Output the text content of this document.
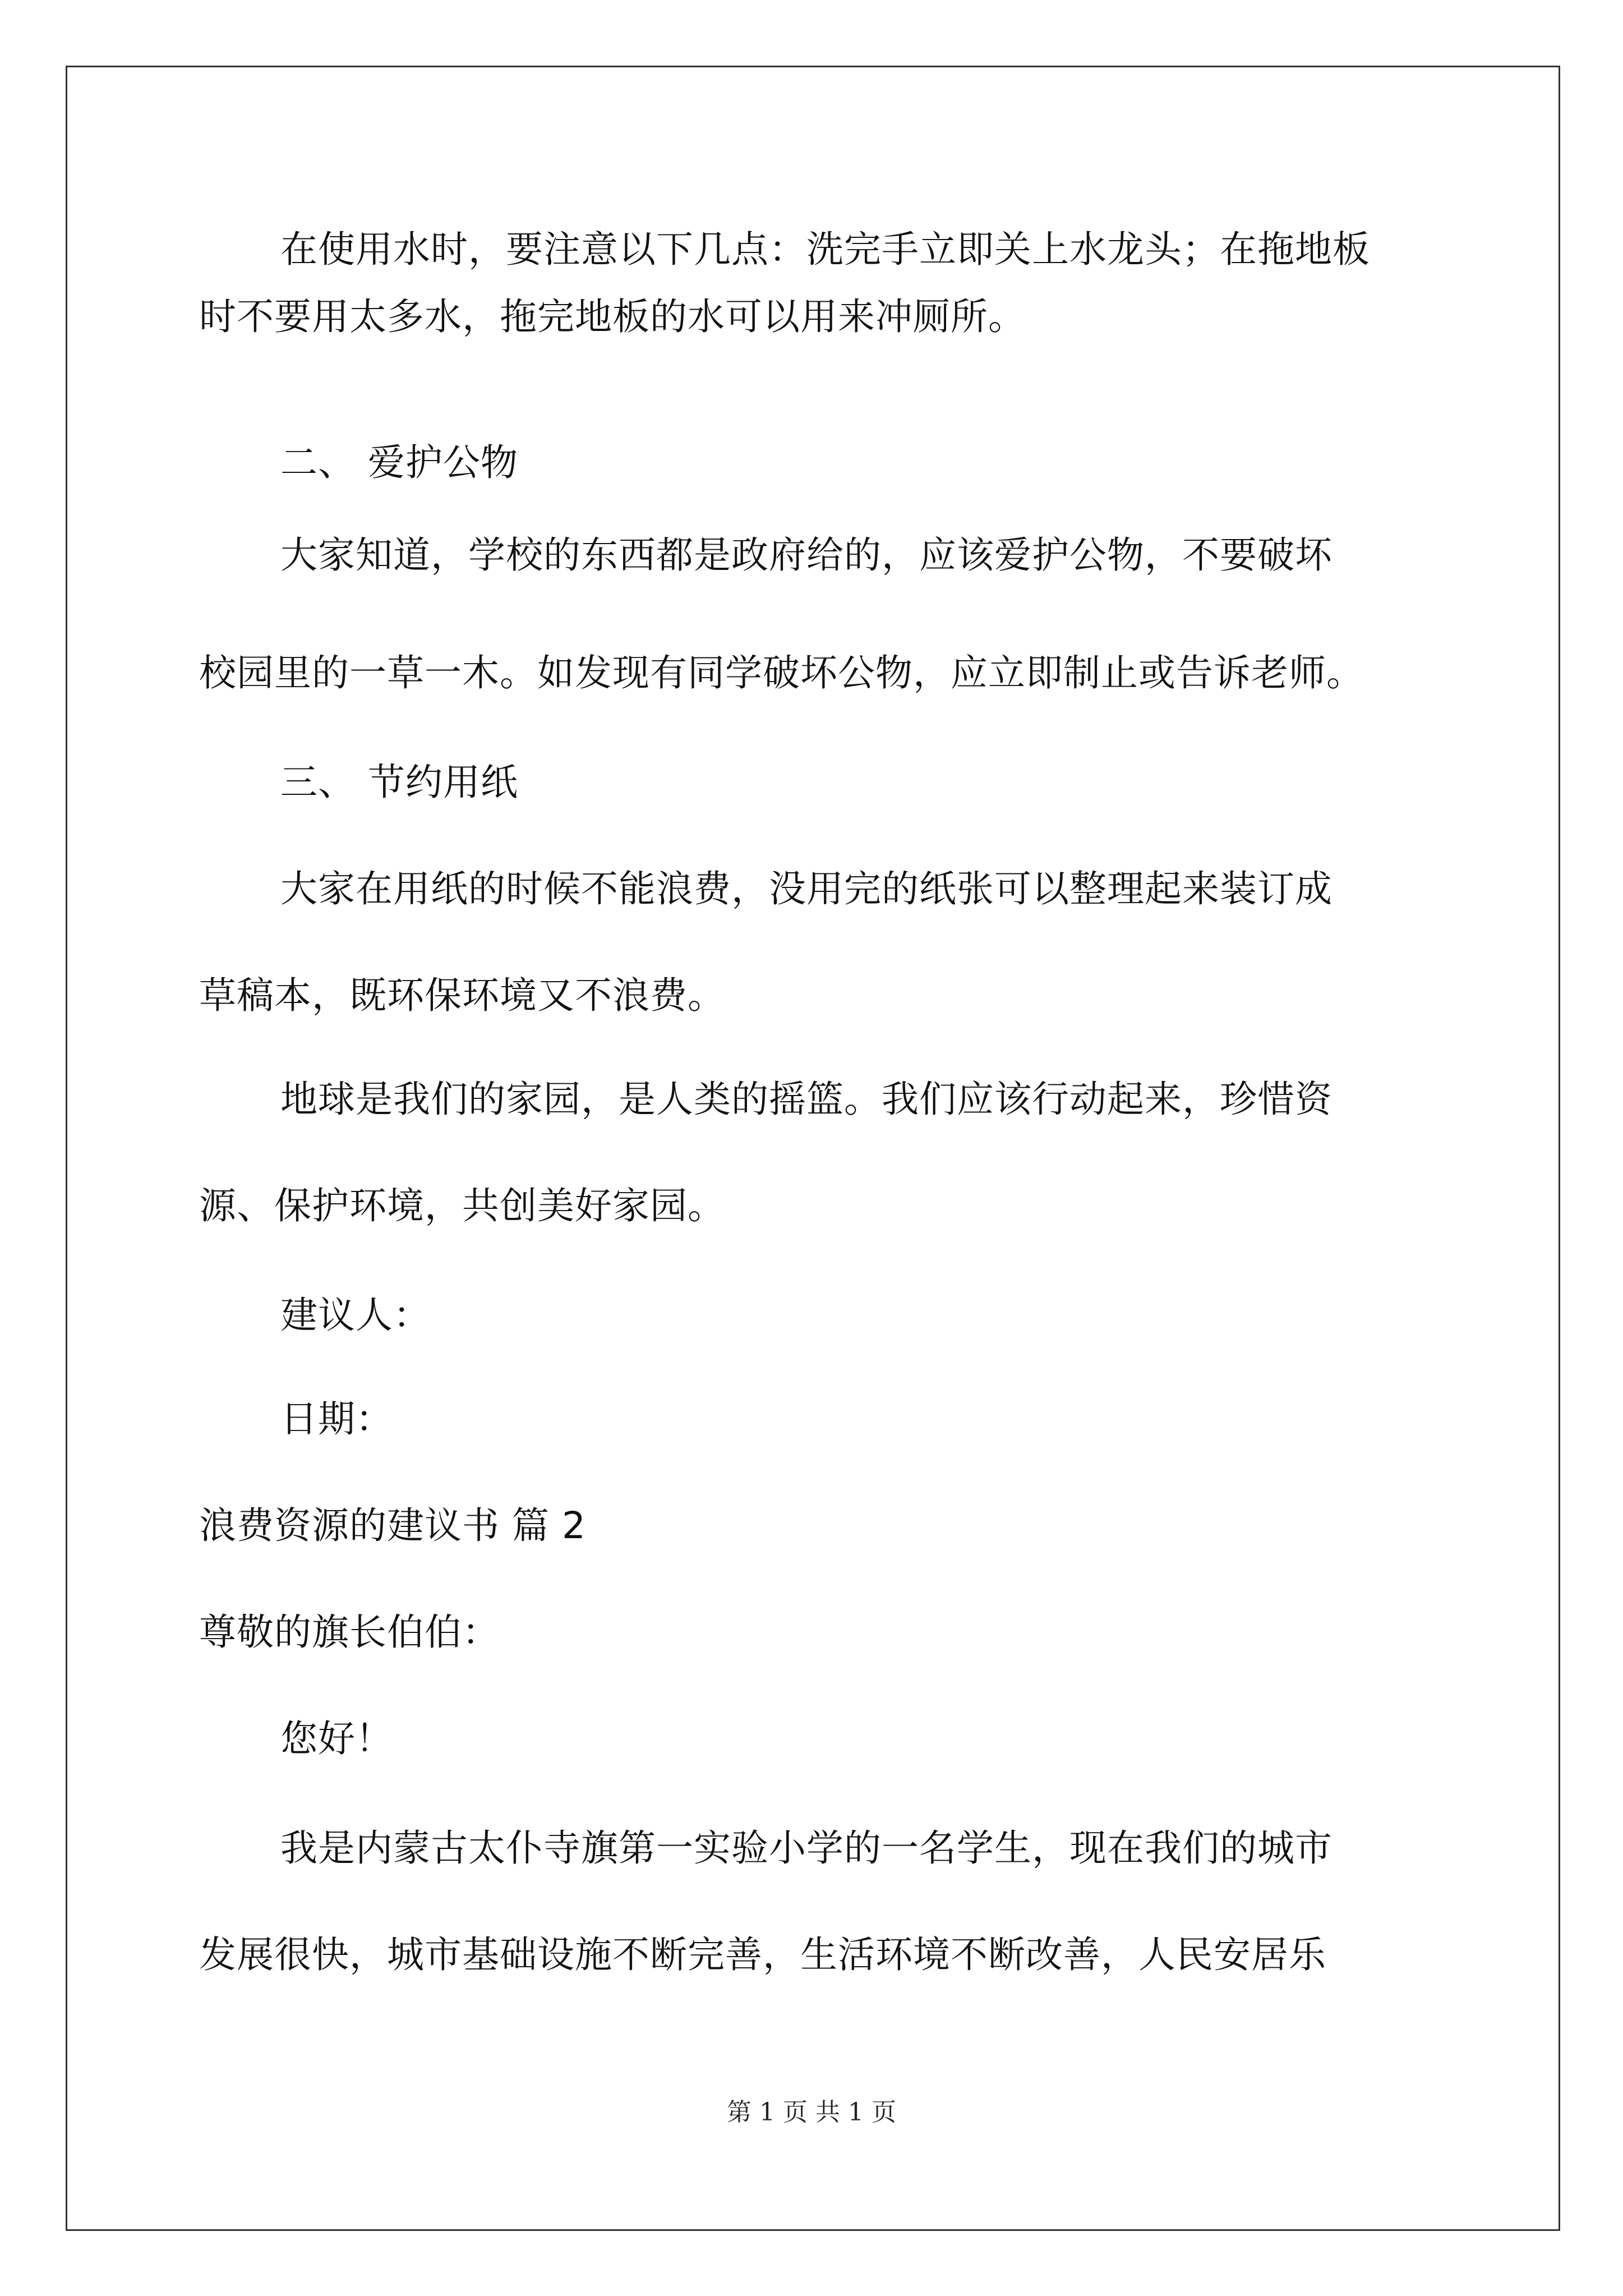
在使用水时，要注意以下几点：洗完手立即关上水龙头；在拖地板
时不要用太多水，拖完地板的水可以用来冲厕所。
二、 爱护公物
大家知道，学校的东西都是政府给的，应该爱护公物，不要破坏
校园里的一草一木。如发现有同学破坏公物，应立即制止或告诉老师。
三、 节约用纸
大家在用纸的时候不能浪费，没用完的纸张可以整理起来装订成
草稿本，既环保环境又不浪费。
地球是我们的家园，是人类的摇篮。我们应该行动起来，珍惜资
源、保护环境，共创美好家园。
建议人：
日期：
浪费资源的建议书 篇 2
尊敬的旗长伯伯：
您好！
我是内蒙古太仆寺旗第一实验小学的一名学生，现在我们的城市
发展很快，城市基础设施不断完善，生活环境不断改善，人民安居乐
第 1 页 共 1 页
